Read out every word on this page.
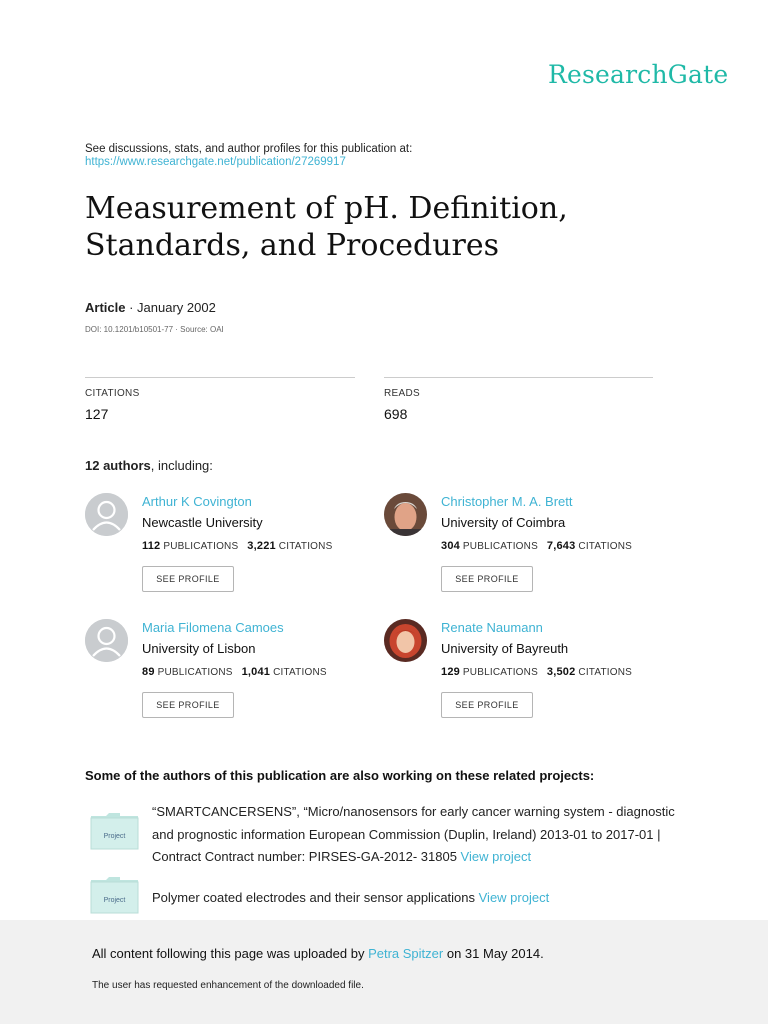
ResearchGate
See discussions, stats, and author profiles for this publication at:
https://www.researchgate.net/publication/27269917
Measurement of pH. Definition,
Standards, and Procedures
Article · January 2002
DOI: 10.1201/b10501-77 · Source: OAI
CITATIONS
127
READS
698
12 authors, including:
Arthur K Covington
Newcastle University
112 PUBLICATIONS 3,221 CITATIONS
SEE PROFILE
Christopher M. A. Brett
University of Coimbra
304 PUBLICATIONS 7,643 CITATIONS
SEE PROFILE
Maria Filomena Camoes
University of Lisbon
89 PUBLICATIONS 1,041 CITATIONS
SEE PROFILE
Renate Naumann
University of Bayreuth
129 PUBLICATIONS 3,502 CITATIONS
SEE PROFILE
Some of the authors of this publication are also working on these related projects:
Project
“SMARTCANCERSENS”, “Micro/nanosensors for early cancer warning system - diagnostic
and prognostic information European Commission (Duplin, Ireland) 2013-01 to 2017-01 |
Contract Contract number: PIRSES-GA-2012- 31805 View project
Project Polymer coated electrodes and their sensor applications View project
All content following this page was uploaded by Petra Spitzer on 31 May 2014.
The user has requested enhancement of the downloaded file.
